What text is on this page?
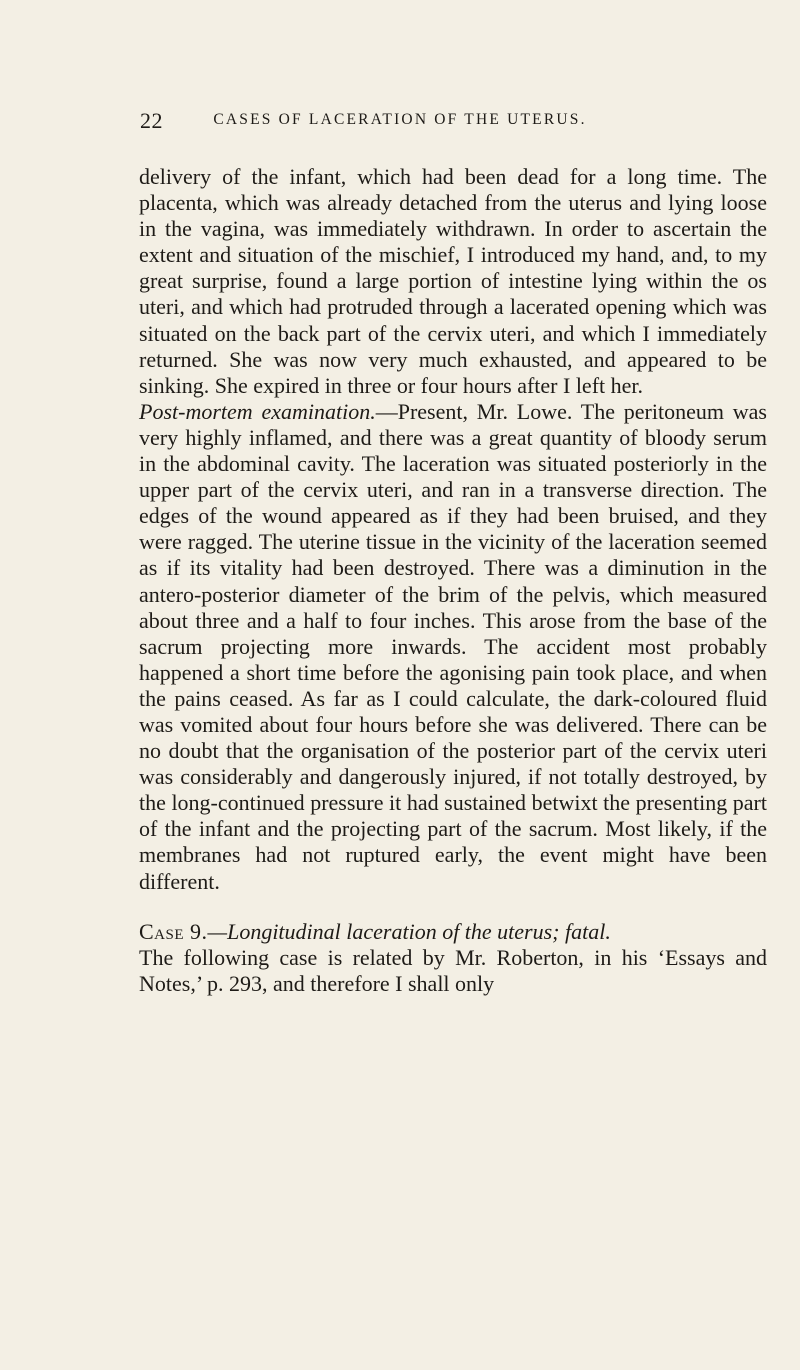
22	CASES OF LACERATION OF THE UTERUS.

delivery of the infant, which had been dead for a long time. The placenta, which was already detached from the uterus and lying loose in the vagina, was immediately withdrawn. In order to ascertain the extent and situation of the mischief, I introduced my hand, and, to my great surprise, found a large portion of intestine lying within the os uteri, and which had protruded through a lacerated opening which was situated on the back part of the cervix uteri, and which I immediately returned. She was now very much exhausted, and appeared to be sinking. She expired in three or four hours after I left her.

Post-mortem examination.—Present, Mr. Lowe. The peritoneum was very highly inflamed, and there was a great quantity of bloody serum in the abdominal cavity. The laceration was situated posteriorly in the upper part of the cervix uteri, and ran in a transverse direction. The edges of the wound appeared as if they had been bruised, and they were ragged. The uterine tissue in the vicinity of the laceration seemed as if its vitality had been destroyed. There was a diminution in the antero-posterior diameter of the brim of the pelvis, which measured about three and a half to four inches. This arose from the base of the sacrum projecting more inwards. The accident most probably happened a short time before the agonising pain took place, and when the pains ceased. As far as I could calculate, the dark-coloured fluid was vomited about four hours before she was delivered. There can be no doubt that the organisation of the posterior part of the cervix uteri was considerably and dangerously injured, if not totally destroyed, by the long-continued pressure it had sustained betwixt the presenting part of the infant and the projecting part of the sacrum. Most likely, if the membranes had not ruptured early, the event might have been different.

Case 9.—Longitudinal laceration of the uterus; fatal.

The following case is related by Mr. Roberton, in his ‘Essays and Notes,’ p. 293, and therefore I shall only
